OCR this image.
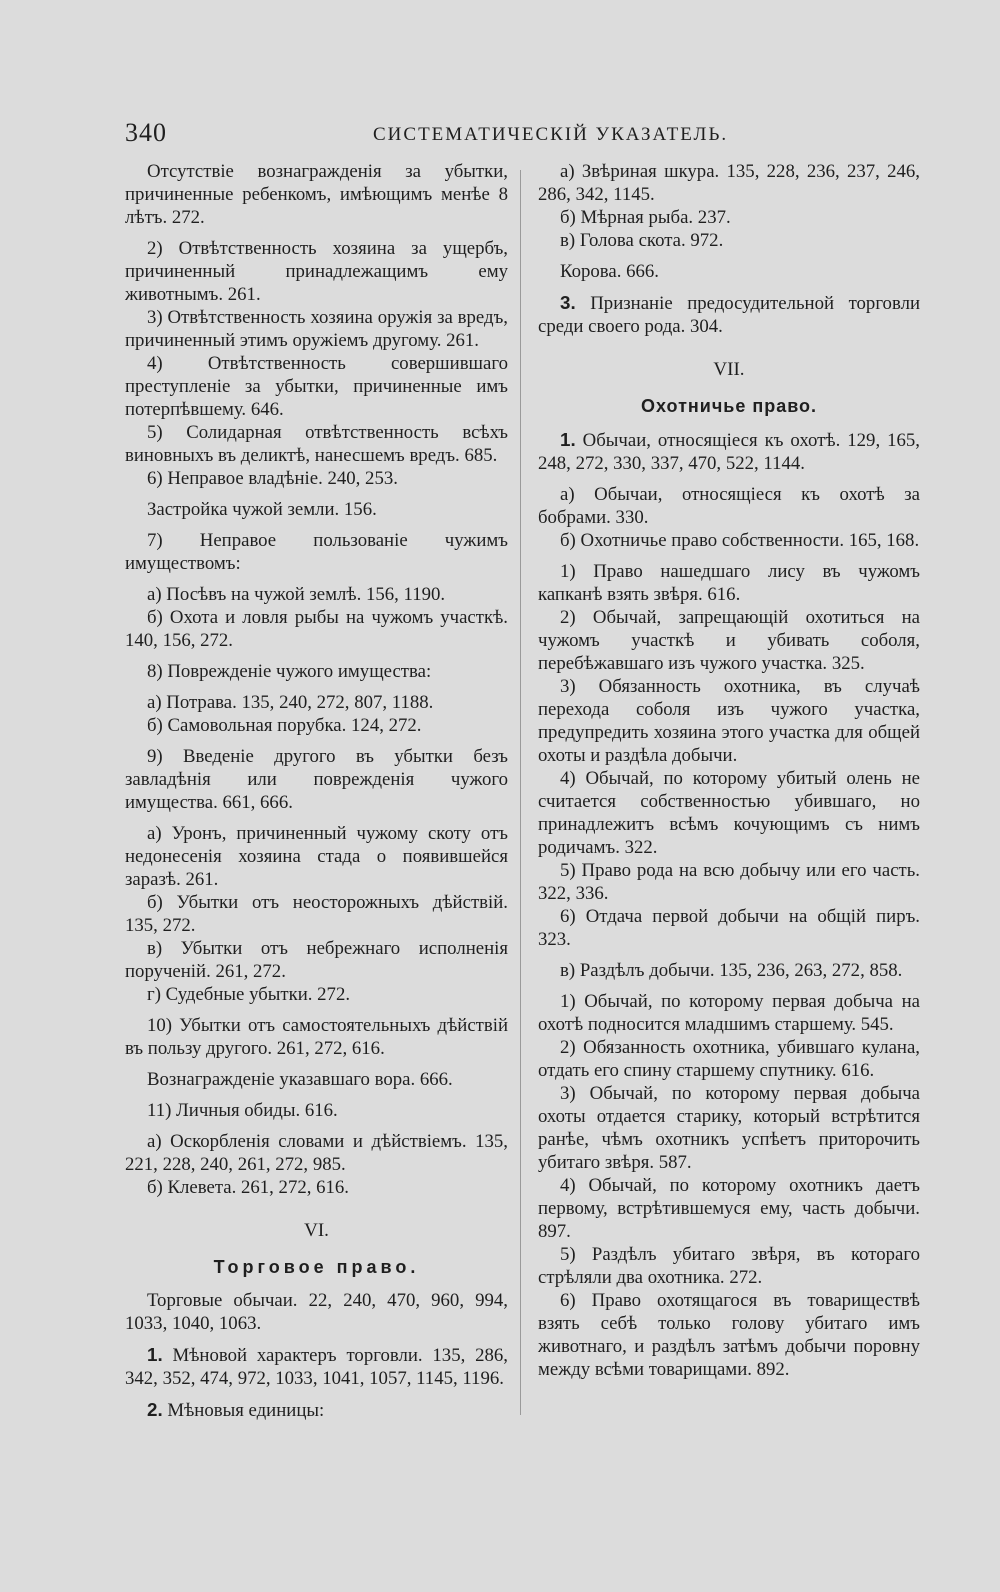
340	СИСТЕМАТИЧЕСКІЙ УКАЗАТЕЛЬ.

Отсутствіе вознагражденія за убытки, причиненные ребенкомъ, имѣющимъ менѣе 8 лѣтъ. 272.

2) Отвѣтственность хозяина за ущербъ, причиненный принадлежащимъ ему животнымъ. 261.

3) Отвѣтственность хозяина оружія за вредъ, причиненный этимъ оружіемъ другому. 261.

4) Отвѣтственность совершившаго преступленіе за убытки, причиненные имъ потерпѣвшему. 646.

5) Солидарная отвѣтственность всѣхъ виновныхъ въ деликтѣ, нанесшемъ вредъ. 685.

6) Неправое владѣніе. 240, 253.

Застройка чужой земли. 156.

7) Неправое пользованіе чужимъ имуществомъ:

а) Посѣвъ на чужой землѣ. 156, 1190.

б) Охота и ловля рыбы на чужомъ участкѣ. 140, 156, 272.

8) Поврежденіе чужого имущества:

а) Потрава. 135, 240, 272, 807, 1188.

б) Самовольная порубка. 124, 272.

9) Введеніе другого въ убытки безъ завладѣнія или поврежденія чужого имущества. 661, 666.

а) Уронъ, причиненный чужому скоту отъ недонесенія хозяина стада о появившейся заразѣ. 261.

б) Убытки отъ неосторожныхъ дѣйствій. 135, 272.

в) Убытки отъ небрежнаго исполненія порученій. 261, 272.

г) Судебные убытки. 272.

10) Убытки отъ самостоятельныхъ дѣйствій въ пользу другого. 261, 272, 616.

Вознагражденіе указавшаго вора. 666.

11) Личныя обиды. 616.

а) Оскорбленія словами и дѣйствіемъ. 135, 221, 228, 240, 261, 272, 985.

б) Клевета. 261, 272, 616.

VI.

Торговое право.

Торговые обычаи. 22, 240, 470, 960, 994, 1033, 1040, 1063.

1. Мѣновой характеръ торговли. 135, 286, 342, 352, 474, 972, 1033, 1041, 1057, 1145, 1196.

2. Мѣновыя единицы:

а) Звѣриная шкура. 135, 228, 236, 237, 246, 286, 342, 1145.

б) Мѣрная рыба. 237.

в) Голова скота. 972.

Корова. 666.

3. Признаніе предосудительной торговли среди своего рода. 304.

VII.

Охотничье право.

1. Обычаи, относящіеся къ охотѣ. 129, 165, 248, 272, 330, 337, 470, 522, 1144.

а) Обычаи, относящіеся къ охотѣ за бобрами. 330.

б) Охотничье право собственности. 165, 168.

1) Право нашедшаго лису въ чужомъ капканѣ взять звѣря. 616.

2) Обычай, запрещающій охотиться на чужомъ участкѣ и убивать соболя, перебѣжавшаго изъ чужого участка. 325.

3) Обязанность охотника, въ случаѣ перехода соболя изъ чужого участка, предупредить хозяина этого участка для общей охоты и раздѣла добычи.

4) Обычай, по которому убитый олень не считается собственностью убившаго, но принадлежитъ всѣмъ кочующимъ съ нимъ родичамъ. 322.

5) Право рода на всю добычу или его часть. 322, 336.

6) Отдача первой добычи на общій пиръ. 323.

в) Раздѣлъ добычи. 135, 236, 263, 272, 858.

1) Обычай, по которому первая добыча на охотѣ подносится младшимъ старшему. 545.

2) Обязанность охотника, убившаго кулана, отдать его спину старшему спутнику. 616.

3) Обычай, по которому первая добыча охоты отдается старику, который встрѣтится ранѣе, чѣмъ охотникъ успѣетъ приторочить убитаго звѣря. 587.

4) Обычай, по которому охотникъ даетъ первому, встрѣтившемуся ему, часть добычи. 897.

5) Раздѣлъ убитаго звѣря, въ котораго стрѣляли два охотника. 272.

6) Право охотящагося въ товариществѣ взять себѣ только голову убитаго имъ животнаго, и раздѣлъ затѣмъ добычи поровну между всѣми товарищами. 892.
